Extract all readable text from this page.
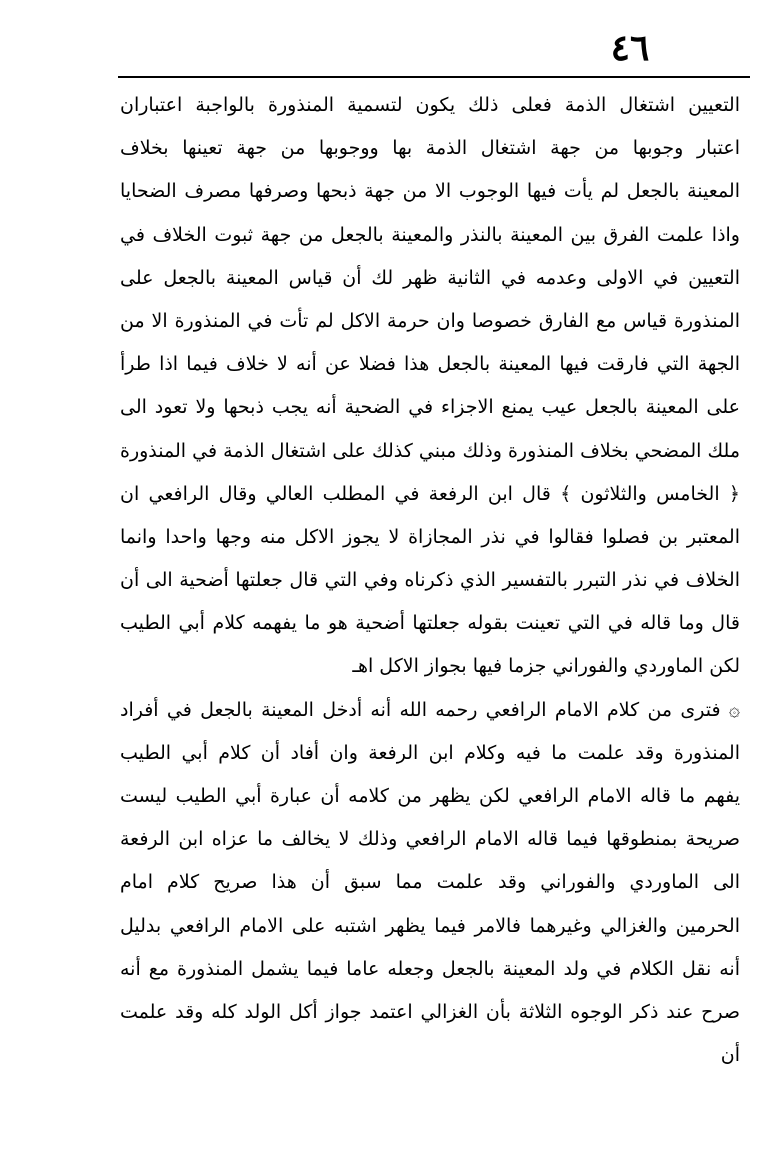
٤٦
التعيين اشتغال الذمة فعلى ذلك يكون لتسمية المنذورة بالواجبة اعتباران
اعتبار وجوبها من جهة اشتغال الذمة بها ووجوبها من جهة تعينها بخلاف
المعينة بالجعل لم يأت فيها الوجوب الا من جهة ذبحها وصرفها مصرف الضحايا
واذا علمت الفرق بين المعينة بالنذر والمعينة بالجعل من جهة ثبوت الخلاف في
التعيين في الاولى وعدمه في الثانية ظهر لك أن قياس المعينة بالجعل على
المنذورة قياس مع الفارق خصوصا وان حرمة الاكل لم تأت في المنذورة الا من
الجهة التي فارقت فيها المعينة بالجعل هذا فضلا عن أنه لا خلاف فيما اذا طرأ
على المعينة بالجعل عيب يمنع الاجزاء في الضحية أنه يجب ذبحها ولا تعود الى
ملك المضحي بخلاف المنذورة وذلك مبني كذلك على اشتغال الذمة في المنذورة
﴿ الخامس والثلاثون ﴾ قال ابن الرفعة في المطلب العالي وقال الرافعي ان
المعتبر بن فصلوا فقالوا في نذر المجازاة لا يجوز الاكل منه وجها واحدا وانما
الخلاف في نذر التبرر بالتفسير الذي ذكرناه وفي التي قال جعلتها أضحية الى أن
قال وما قاله في التي تعينت بقوله جعلتها أضحية هو ما يفهمه كلام أبي الطيب
لكن الماوردي والفوراني جزما فيها بجواز الاكل اهـ
۞ فترى من كلام الامام الرافعي رحمه الله أنه أدخل المعينة بالجعل في أفراد
المنذورة وقد علمت ما فيه وكلام ابن الرفعة وان أفاد أن كلام أبي الطيب
يفهم ما قاله الامام الرافعي لكن يظهر من كلامه أن عبارة أبي الطيب ليست
صريحة بمنطوقها فيما قاله الامام الرافعي وذلك لا يخالف ما عزاه ابن الرفعة
الى الماوردي والفوراني وقد علمت مما سبق أن هذا صريح كلام امام
الحرمين والغزالي وغيرهما فالامر فيما يظهر اشتبه على الامام الرافعي بدليل
أنه نقل الكلام في ولد المعينة بالجعل وجعله عاما فيما يشمل المنذورة مع أنه
صرح عند ذكر الوجوه الثلاثة بأن الغزالي اعتمد جواز أكل الولد كله وقد علمت
أن
